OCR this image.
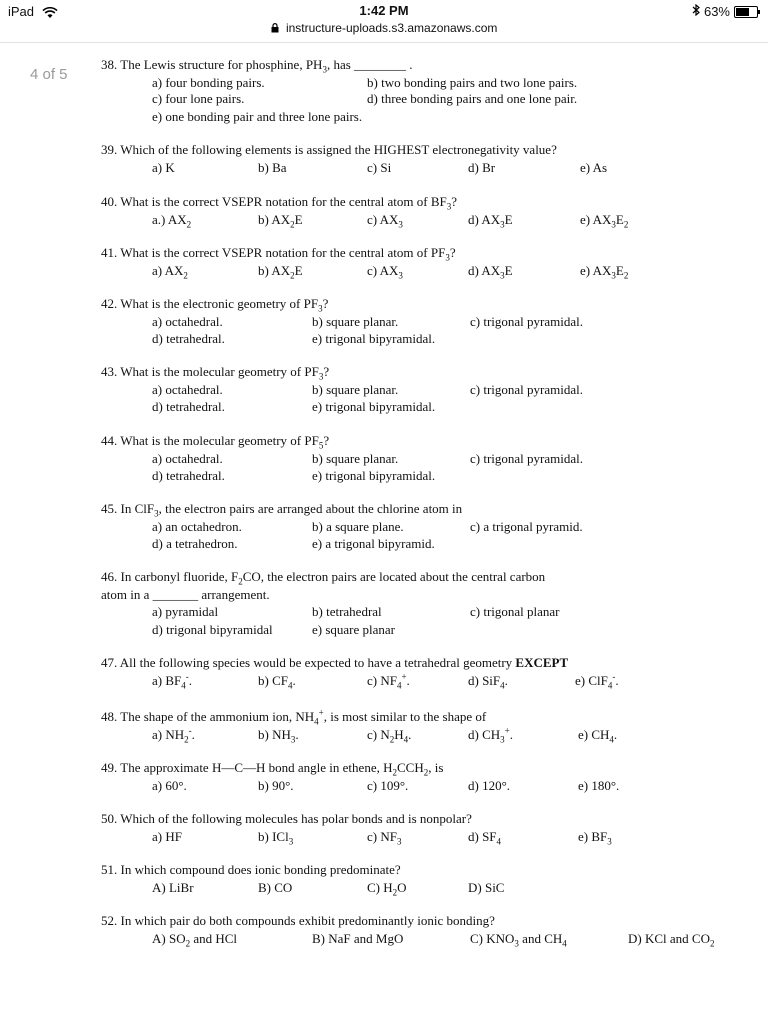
iPad	1:42 PM
instructure-uploads.s3.amazonaws.com
63%
4 of 5
38. The Lewis structure for phosphine, $PH_3$, has ________ .
a) four bonding pairs.	b) two bonding pairs and two lone pairs.
c) four lone pairs.	d) three bonding pairs and one lone pair.
e) one bonding pair and three lone pairs.
39. Which of the following elements is assigned the HIGHEST electronegativity value?
a) K	b) Ba	c) Si	d) Br	e) As
40. What is the correct VSEPR notation for the central atom of $BF_3$?
a.) $AX_2$	b) $AX_2E$	c) $AX_3$	d) $AX_3E$	e) $AX_3E_2$
41. What is the correct VSEPR notation for the central atom of $PF_3$?
a) $AX_2$	b) $AX_2E$	c) $AX_3$	d) $AX_3E$	e) $AX_3E_2$
42. What is the electronic geometry of $PF_3$?
a) octahedral.	b) square planar.	c) trigonal pyramidal.
d) tetrahedral.	e) trigonal bipyramidal.
43. What is the molecular geometry of $PF_3$?
a) octahedral.	b) square planar.	c) trigonal pyramidal.
d) tetrahedral.	e) trigonal bipyramidal.
44. What is the molecular geometry of $PF_5$?
a) octahedral.	b) square planar.	c) trigonal pyramidal.
d) tetrahedral.	e) trigonal bipyramidal.
45. In ClF$_3$, the electron pairs are arranged about the chlorine atom in
a) an octahedron.	b) a square plane.	c) a trigonal pyramid.
d) a tetrahedron.	e) a trigonal bipyramid.
46. In carbonyl fluoride, $F_2CO$, the electron pairs are located about the central carbon
atom in a _______ arrangement.
a) pyramidal	b) tetrahedral	c) trigonal planar
d) trigonal bipyramidal	e) square planar
47. All the following species would be expected to have a tetrahedral geometry EXCEPT
a) $BF_4^-$.	b) $CF_4$.	c) $NF_4^+$.	d) SiF$_4$.	e) ClF$_4$-.
48. The shape of the ammonium ion, $NH_4^+$, is most similar to the shape of
a) $NH_2^-$.	b) $NH_3$.	c) $N_2H_4$.	d) $CH_3^+$.	e) $CH_4$.
49. The approximate H—C—H bond angle in ethene, $H_2CCH_2$, is
a) 60°.	b) 90°.	c) 109°.	d) 120°.	e) 180°.
50. Which of the following molecules has polar bonds and is nonpolar?
a) HF	b) ICl$_3$	c) $NF_3$	d) $SF_4$	e) $BF_3$
51. In which compound does ionic bonding predominate?
A) LiBr	B) CO	C) $H_2O$	D) SiC
52. In which pair do both compounds exhibit predominantly ionic bonding?
A) $SO_2$ and HCl	B) NaF and MgO	C) $KNO_3$ and $CH_4$	D) KCl and $CO_2$
